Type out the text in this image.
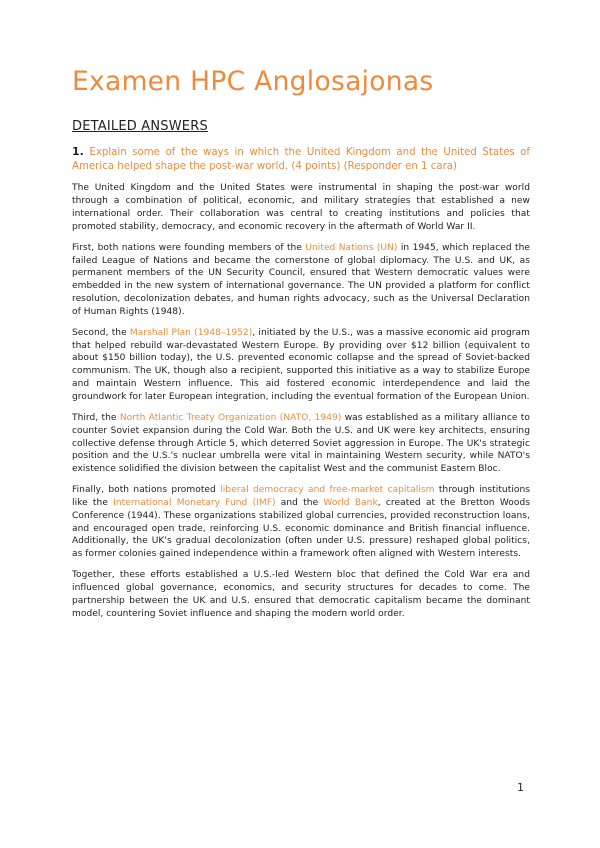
Examen HPC Anglosajonas
DETAILED ANSWERS

1. Explain some of the ways in which the United Kingdom and the United States of America helped shape the post-war world. (4 points) (Responder en 1 cara)

The United Kingdom and the United States were instrumental in shaping the post-war world through a combination of political, economic, and military strategies that established a new international order. Their collaboration was central to creating institutions and policies that promoted stability, democracy, and economic recovery in the aftermath of World War II.

First, both nations were founding members of the United Nations (UN) in 1945, which replaced the failed League of Nations and became the cornerstone of global diplomacy. The U.S. and UK, as permanent members of the UN Security Council, ensured that Western democratic values were embedded in the new system of international governance. The UN provided a platform for conflict resolution, decolonization debates, and human rights advocacy, such as the Universal Declaration of Human Rights (1948).

Second, the Marshall Plan (1948–1952), initiated by the U.S., was a massive economic aid program that helped rebuild war-devastated Western Europe. By providing over $12 billion (equivalent to about $150 billion today), the U.S. prevented economic collapse and the spread of Soviet-backed communism. The UK, though also a recipient, supported this initiative as a way to stabilize Europe and maintain Western influence. This aid fostered economic interdependence and laid the groundwork for later European integration, including the eventual formation of the European Union.

Third, the North Atlantic Treaty Organization (NATO, 1949) was established as a military alliance to counter Soviet expansion during the Cold War. Both the U.S. and UK were key architects, ensuring collective defense through Article 5, which deterred Soviet aggression in Europe. The UK's strategic position and the U.S.'s nuclear umbrella were vital in maintaining Western security, while NATO's existence solidified the division between the capitalist West and the communist Eastern Bloc.

Finally, both nations promoted liberal democracy and free-market capitalism through institutions like the International Monetary Fund (IMF) and the World Bank, created at the Bretton Woods Conference (1944). These organizations stabilized global currencies, provided reconstruction loans, and encouraged open trade, reinforcing U.S. economic dominance and British financial influence. Additionally, the UK's gradual decolonization (often under U.S. pressure) reshaped global politics, as former colonies gained independence within a framework often aligned with Western interests.

Together, these efforts established a U.S.-led Western bloc that defined the Cold War era and influenced global governance, economics, and security structures for decades to come. The partnership between the UK and U.S. ensured that democratic capitalism became the dominant model, countering Soviet influence and shaping the modern world order.

1
